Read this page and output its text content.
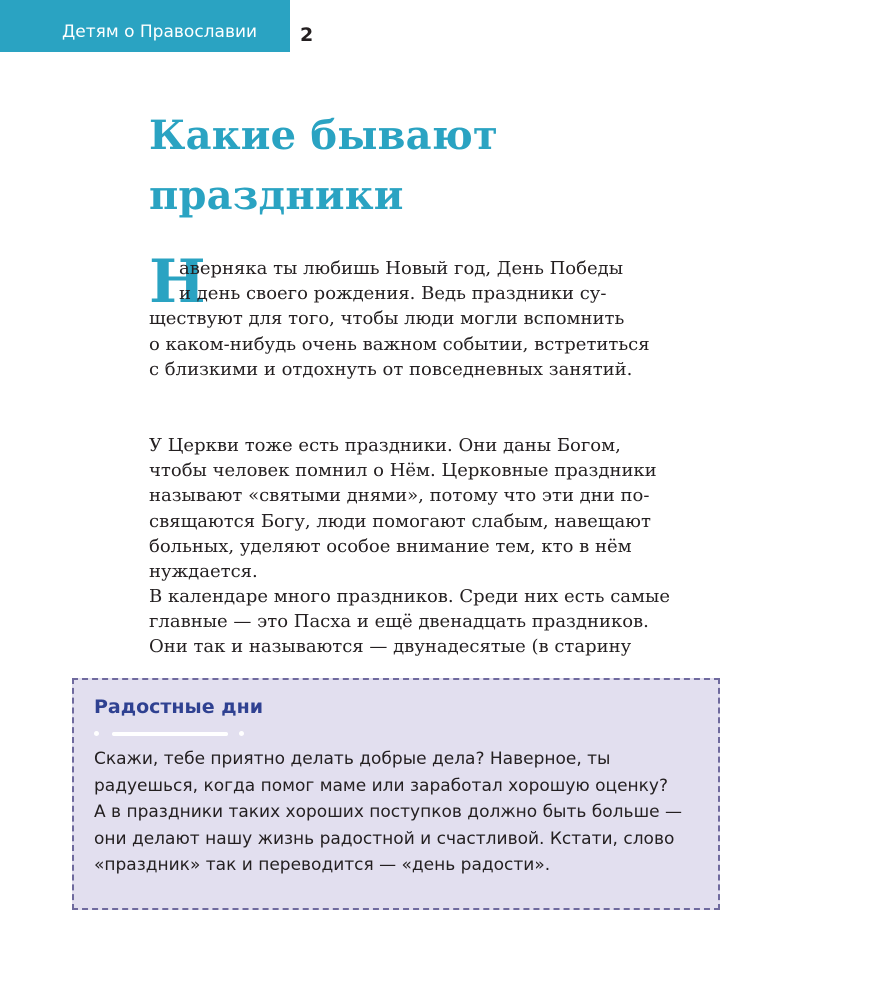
Детям о Православии 2
Какие бывают
праздники
Н

аверняка ты любишь Новый год, День Победы
и день своего рождения. Ведь праздники су-
ществуют для того, чтобы люди могли вспомнить
о каком-нибудь очень важном событии, встретиться
с близкими и отдохнуть от повседневных занятий.

У Церкви тоже есть праздники. Они даны Богом,
чтобы человек помнил о Нём. Церковные праздники
называют «святыми днями», потому что эти дни по-
свящаются Богу, люди помогают слабым, навещают
больных, уделяют особое внимание тем, кто в нём
нуждается.

В календаре много праздников. Среди них есть самые
главные — это Пасха и ещё двенадцать праздников.
Они так и называются — двунадесятые (в старину

Радостные дни

Скажи, тебе приятно делать добрые дела? Наверное, ты
радуешься, когда помог маме или заработал хорошую оценку?
А в праздники таких хороших поступков должно быть больше —
они делают нашу жизнь радостной и счастливой. Кстати, слово
«праздник» так и переводится — «день радости».
